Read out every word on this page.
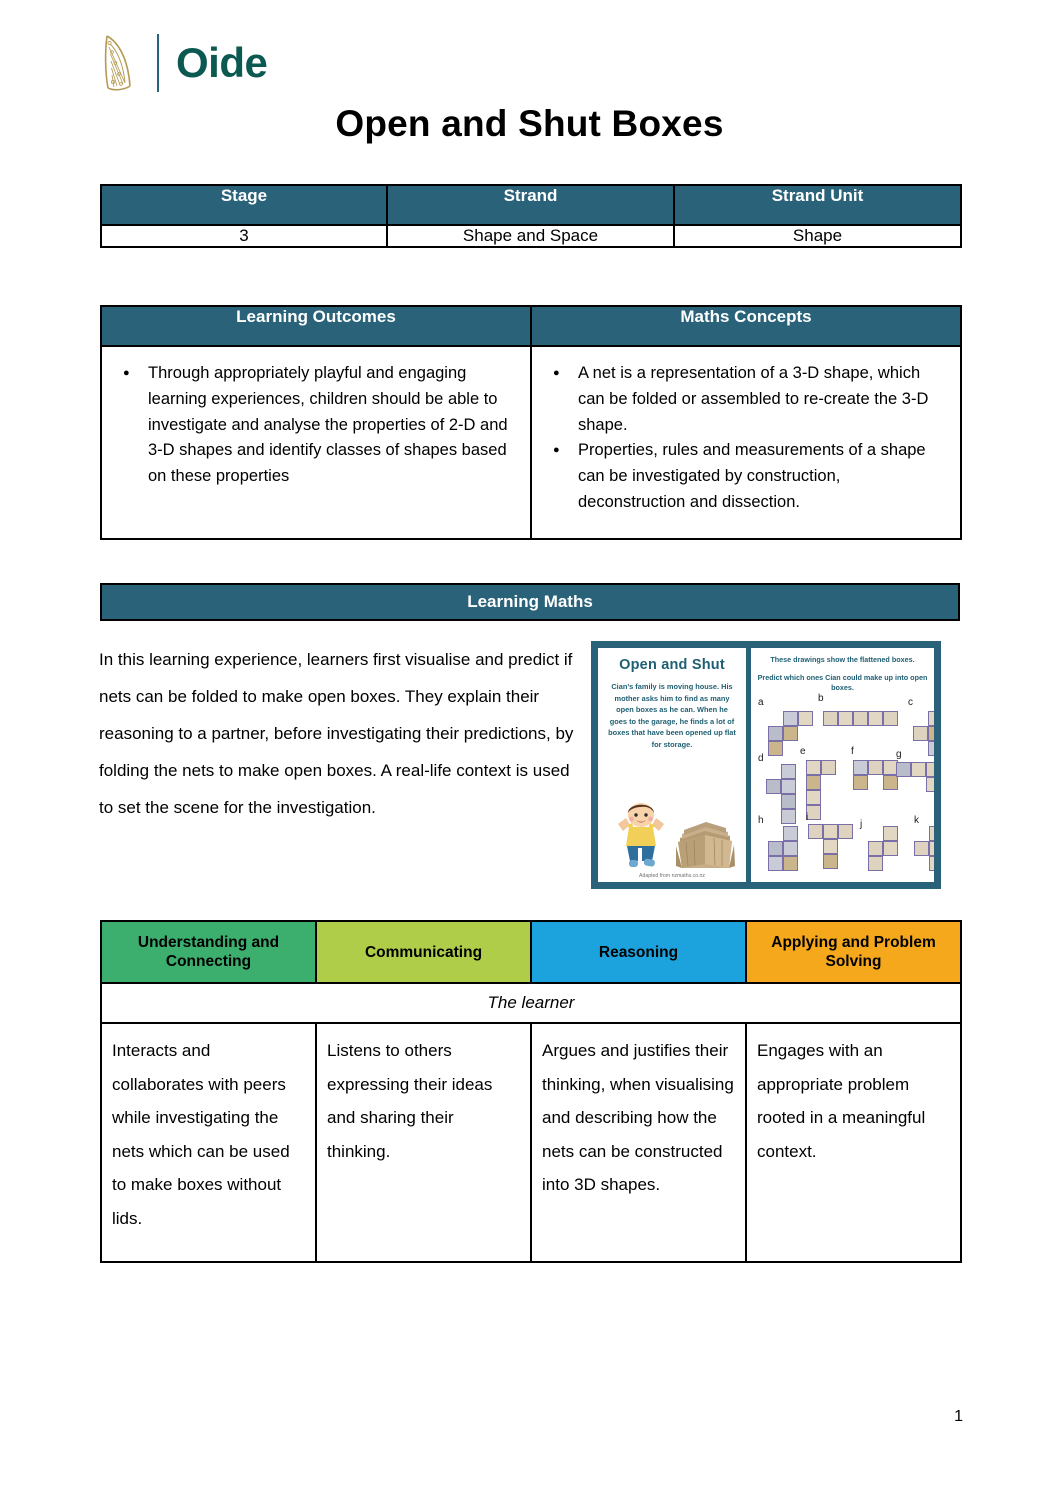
Oide
Open and Shut Boxes
Stage	Strand	Strand Unit
3	Shape and Space	Shape
Learning Outcomes	Maths Concepts

● Through appropriately playful and engaging learning experiences, children should be able to investigate and analyse the properties of 2-D and 3-D shapes and identify classes of shapes based on these properties

● A net is a representation of a 3-D shape, which can be folded or assembled to re-create the 3-D shape.
● Properties, rules and measurements of a shape can be investigated by construction, deconstruction and dissection.
Learning Maths
In this learning experience, learners first visualise and predict if nets can be folded to make open boxes. They explain their reasoning to a partner, before investigating their predictions, by folding the nets to make open boxes. A real-life context is used to set the scene for the investigation.
Open and Shut
Cian’s family is moving house. His mother asks him to find as many open boxes as he can. When he goes to the garage, he finds a lot of boxes that have been opened up flat for storage.
Adapted from nzmaths.co.nz
These drawings show the flattened boxes.
Predict which ones Cian could make up into open boxes.
a	b	c
d
e	f	g
h	i
j	k
Understanding and Connecting	Communicating	Reasoning	Applying and Problem Solving
The learner			
Interacts and collaborates with peers while investigating the nets which can be used to make boxes without lids.	Listens to others expressing their ideas and sharing their thinking.	Argues and justifies their thinking, when visualising and describing how the nets can be constructed into 3D shapes.	Engages with an appropriate problem rooted in a meaningful context.
1
